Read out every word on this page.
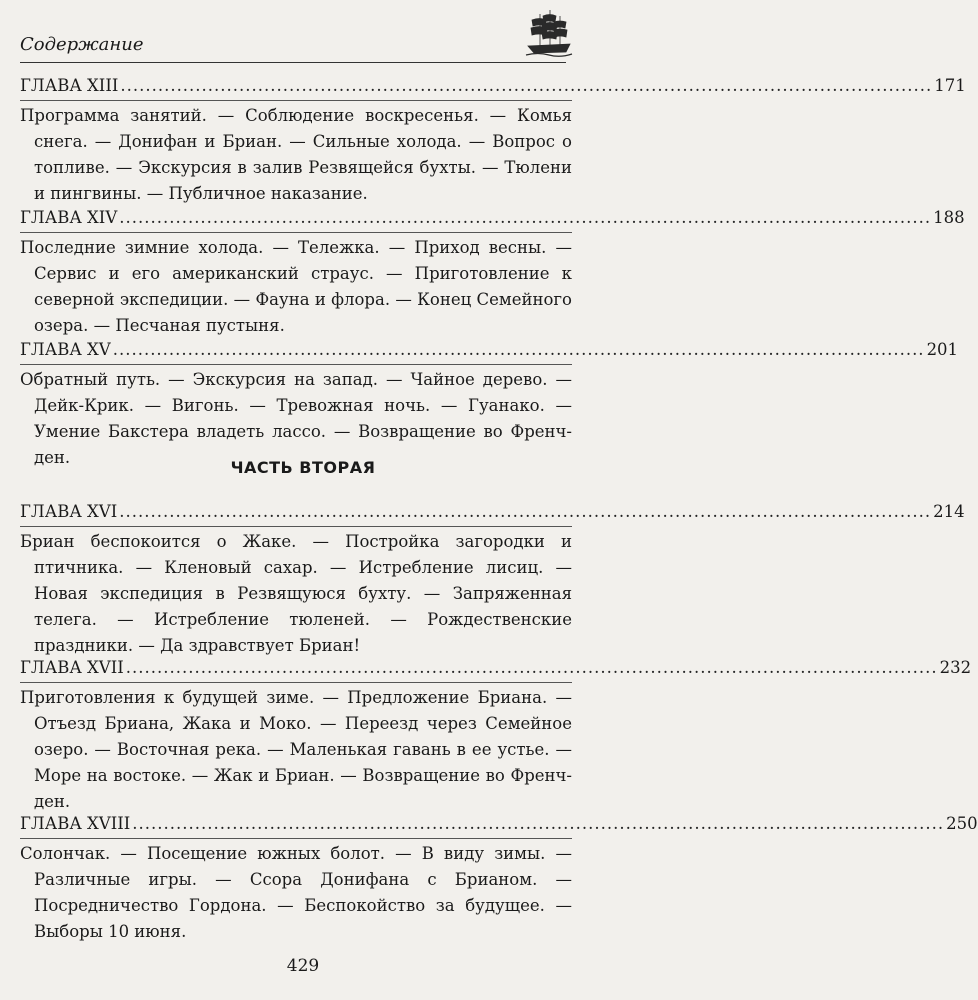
Содержание
ГЛАВА XIII .................................................................................................................................. 171
Программа занятий. — Соблюдение воскресенья. — Комья снега. — Донифан и Бриан. — Сильные холода. — Вопрос о топливе. — Экскурсия в залив Резвящейся бухты. — Тюлени и пингвины. — Публичное наказание.
ГЛАВА XIV .................................................................................................................................. 188
Последние зимние холода. — Тележка. — Приход весны. — Сервис и его американский страус. — Приготовление к северной экспедиции. — Фауна и флора. — Конец Семейного озера. — Песчаная пустыня.
ГЛАВА XV .................................................................................................................................. 201
Обратный путь. — Экскурсия на запад. — Чайное дерево. — Дейк-Крик. — Вигонь. — Тревожная ночь. — Гуанако. — Умение Бакстера владеть лассо. — Возвращение во Френч-ден.
ЧАСТЬ ВТОРАЯ
ГЛАВА XVI .................................................................................................................................. 214
Бриан беспокоится о Жаке. — Постройка загородки и птичника. — Кленовый сахар. — Истребление лисиц. — Новая экспедиция в Резвящуюся бухту. — Запряженная телега. — Истребление тюленей. — Рождественские праздники. — Да здравствует Бриан!
ГЛАВА XVII .................................................................................................................................. 232
Приготовления к будущей зиме. — Предложение Бриана. — Отъезд Бриана, Жака и Моко. — Переезд через Семейное озеро. — Восточная река. — Маленькая гавань в ее устье. — Море на востоке. — Жак и Бриан. — Возвращение во Френч-ден.
ГЛАВА XVIII .................................................................................................................................. 250
Солончак. — Посещение южных болот. — В виду зимы. — Различные игры. — Ссора Донифана с Брианом. — Посредничество Гордона. — Беспокойство за будущее. — Выборы 10 июня.
429
